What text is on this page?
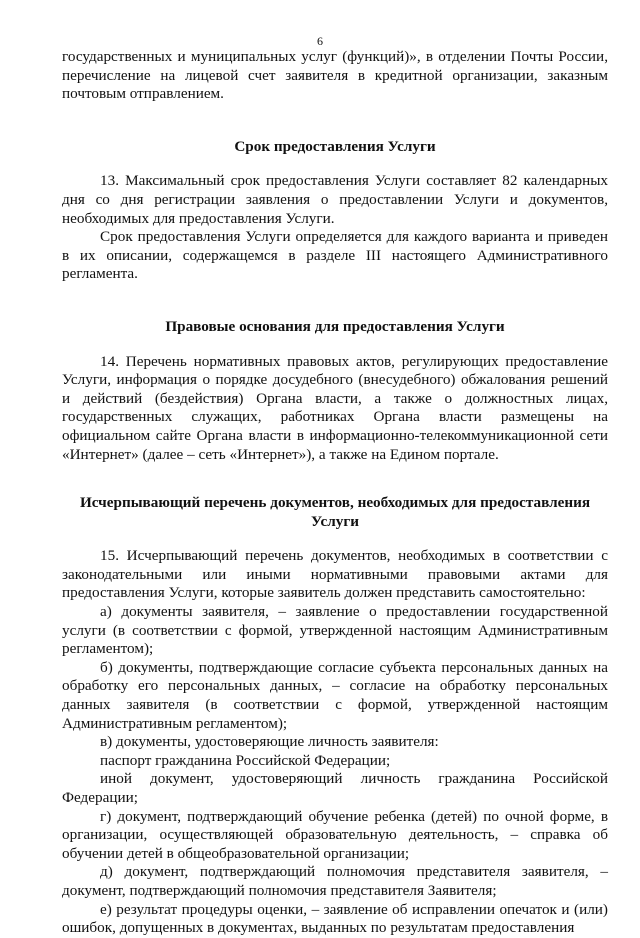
6

государственных и муниципальных услуг (функций)», в отделении Почты России, перечисление на лицевой счет заявителя в кредитной организации, заказным почтовым отправлением.

Срок предоставления Услуги

13. Максимальный срок предоставления Услуги составляет 82 календарных дня со дня регистрации заявления о предоставлении Услуги и документов, необходимых для предоставления Услуги.

Срок предоставления Услуги определяется для каждого варианта и приведен в их описании, содержащемся в разделе III настоящего Административного регламента.

Правовые основания для предоставления Услуги

14. Перечень нормативных правовых актов, регулирующих предоставление Услуги, информация о порядке досудебного (внесудебного) обжалования решений и действий (бездействия) Органа власти, а также о должностных лицах, государственных служащих, работниках Органа власти размещены на официальном сайте Органа власти в информационно-телекоммуникационной сети «Интернет» (далее – сеть «Интернет»), а также на Едином портале.

Исчерпывающий перечень документов, необходимых для предоставления Услуги

15. Исчерпывающий перечень документов, необходимых в соответствии с законодательными или иными нормативными правовыми актами для предоставления Услуги, которые заявитель должен представить самостоятельно:

а) документы заявителя, – заявление о предоставлении государственной услуги (в соответствии с формой, утвержденной настоящим Административным регламентом);

б) документы, подтверждающие согласие субъекта персональных данных на обработку его персональных данных, – согласие на обработку персональных данных заявителя (в соответствии с формой, утвержденной настоящим Административным регламентом);

в) документы, удостоверяющие личность заявителя:

паспорт гражданина Российской Федерации;

иной документ, удостоверяющий личность гражданина Российской Федерации;

г) документ, подтверждающий обучение ребенка (детей) по очной форме, в организации, осуществляющей образовательную деятельность, – справка об обучении детей в общеобразовательной организации;

д) документ, подтверждающий полномочия представителя заявителя, – документ, подтверждающий полномочия представителя Заявителя;

е) результат процедуры оценки, – заявление об исправлении опечаток и (или) ошибок, допущенных в документах, выданных по результатам предоставления
